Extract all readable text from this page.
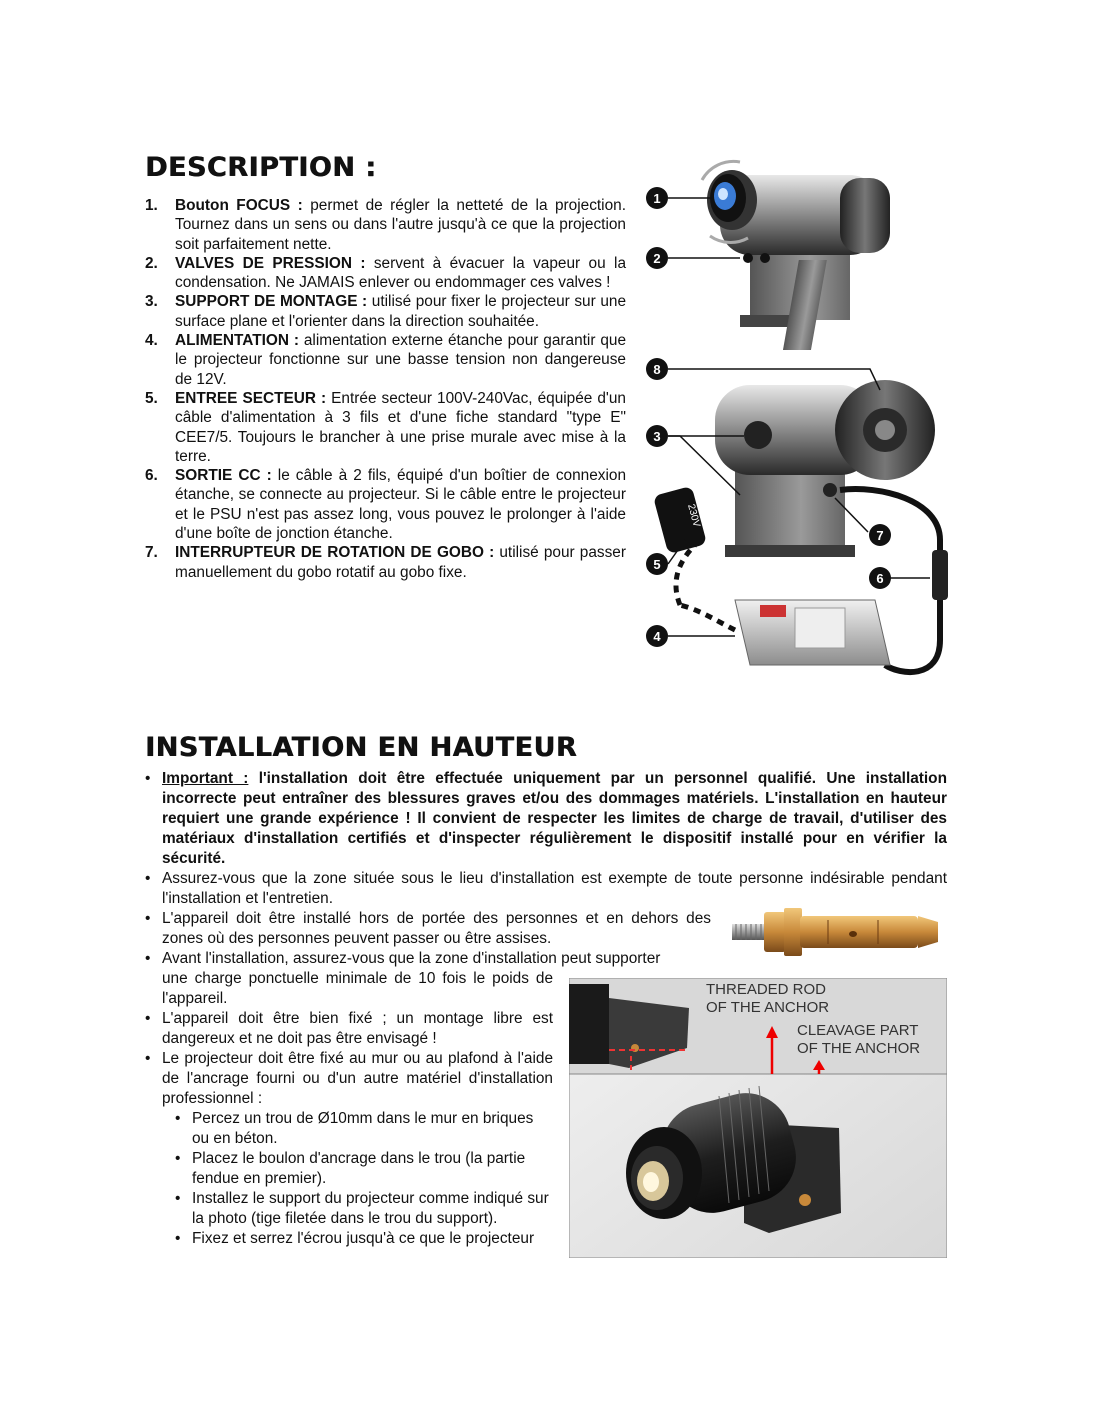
DESCRIPTION :
1. Bouton FOCUS : permet de régler la netteté de la projection. Tournez dans un sens ou dans l'autre jusqu'à ce que la projection soit parfaitement nette.
2. VALVES DE PRESSION : servent à évacuer la vapeur ou la condensation. Ne JAMAIS enlever ou endommager ces valves !
3. SUPPORT DE MONTAGE : utilisé pour fixer le projecteur sur une surface plane et l'orienter dans la direction souhaitée.
4. ALIMENTATION : alimentation externe étanche pour garantir que le projecteur fonctionne sur une basse tension non dangereuse de 12V.
5. ENTREE SECTEUR : Entrée secteur 100V-240Vac, équipée d'un câble d'alimentation à 3 fils et d'une fiche standard "type E" CEE7/5. Toujours le brancher à une prise murale avec mise à la terre.
6. SORTIE CC : le câble à 2 fils, équipé d'un boîtier de connexion étanche, se connecte au projecteur. Si le câble entre le projecteur et le PSU n'est pas assez long, vous pouvez le prolonger à l'aide d'une boîte de jonction étanche.
7. INTERRUPTEUR DE ROTATION DE GOBO : utilisé pour passer manuellement du gobo rotatif au gobo fixe.
230V
1
2
8
3
7
5
6
4
INSTALLATION EN HAUTEUR
• Important : l'installation doit être effectuée uniquement par un personnel qualifié. Une installation incorrecte peut entraîner des blessures graves et/ou des dommages matériels. L'installation en hauteur requiert une grande expérience ! Il convient de respecter les limites de charge de travail, d'utiliser des matériaux d'installation certifiés et d'inspecter régulièrement le dispositif installé pour en vérifier la sécurité.
• Assurez-vous que la zone située sous le lieu d'installation est exempte de toute personne indésirable pendant l'installation et l'entretien.
• L'appareil doit être installé hors de portée des personnes et en dehors des zones où des personnes peuvent passer ou être assises.
• Avant l'installation, assurez-vous que la zone d'installation peut supporter
une charge ponctuelle minimale de 10 fois le poids de l'appareil.
• L'appareil doit être bien fixé ; un montage libre est dangereux et ne doit pas être envisagé !
• Le projecteur doit être fixé au mur ou au plafond à l'aide de l'ancrage fourni ou d'un autre matériel d'installation professionnel :
• Percez un trou de Ø10mm dans le mur en briques ou en béton.
• Placez le boulon d'ancrage dans le trou (la partie fendue en premier).
• Installez le support du projecteur comme indiqué sur la photo (tige filetée dans le trou du support).
• Fixez et serrez l'écrou jusqu'à ce que le projecteur
THREADED ROD
OF THE ANCHOR
CLEAVAGE PART
OF THE ANCHOR
